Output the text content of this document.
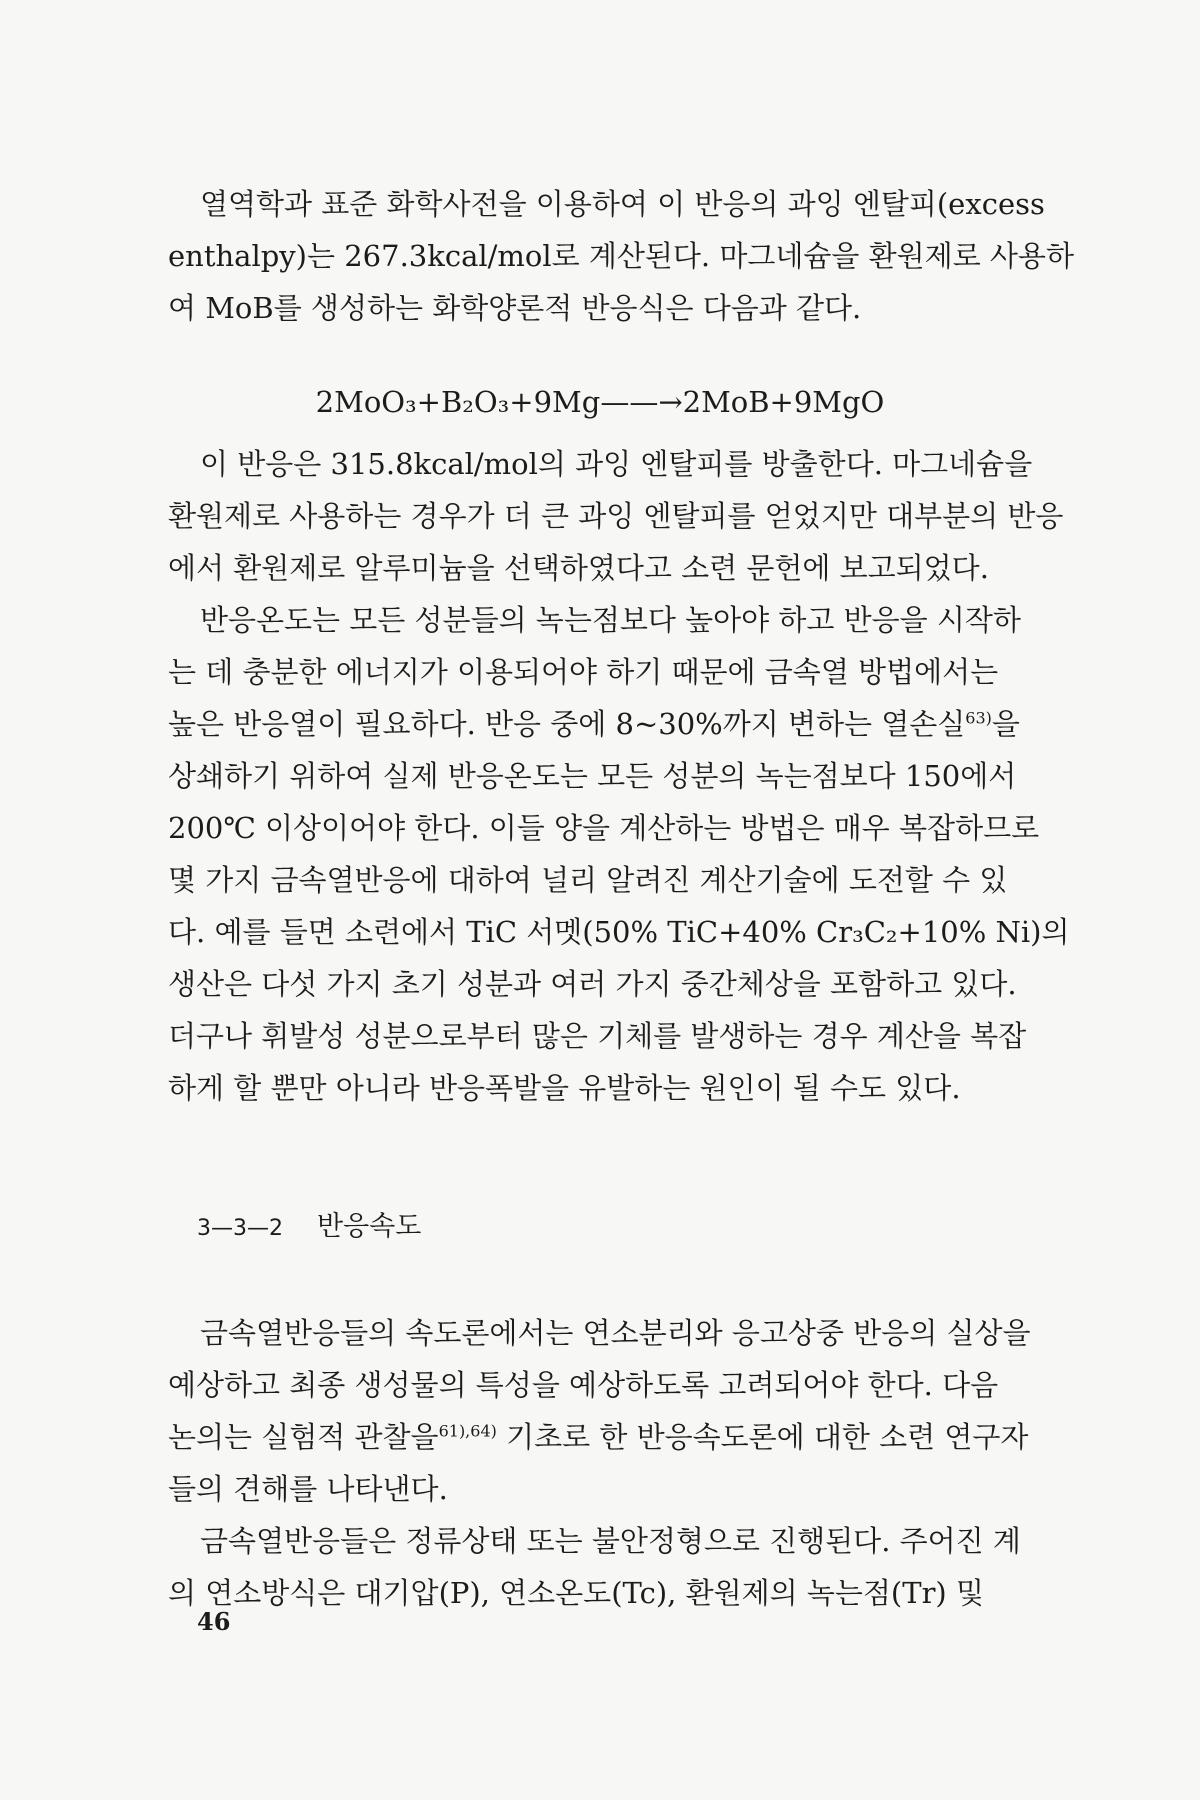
열역학과 표준 화학사전을 이용하여 이 반응의 과잉 엔탈피(excess
enthalpy)는 267.3kcal/mol로 계산된다. 마그네슘을 환원제로 사용하
여 MoB를 생성하는 화학양론적 반응식은 다음과 같다.

2MoO₃+B₂O₃+9Mg——→2MoB+9MgO

이 반응은 315.8kcal/mol의 과잉 엔탈피를 방출한다. 마그네슘을
환원제로 사용하는 경우가 더 큰 과잉 엔탈피를 얻었지만 대부분의 반응
에서 환원제로 알루미늄을 선택하였다고 소련 문헌에 보고되었다.

반응온도는 모든 성분들의 녹는점보다 높아야 하고 반응을 시작하
는 데 충분한 에너지가 이용되어야 하기 때문에 금속열 방법에서는
높은 반응열이 필요하다. 반응 중에 8~30%까지 변하는 열손실$^{63)}$을
상쇄하기 위하여 실제 반응온도는 모든 성분의 녹는점보다 150에서
200℃ 이상이어야 한다. 이들 양을 계산하는 방법은 매우 복잡하므로
몇 가지 금속열반응에 대하여 널리 알려진 계산기술에 도전할 수 있
다. 예를 들면 소련에서 TiC 서멧(50% TiC+40% Cr₃C₂+10% Ni)의
생산은 다섯 가지 초기 성분과 여러 가지 중간체상을 포함하고 있다.
더구나 휘발성 성분으로부터 많은 기체를 발생하는 경우 계산을 복잡
하게 할 뿐만 아니라 반응폭발을 유발하는 원인이 될 수도 있다.

3—3—2 반응속도

금속열반응들의 속도론에서는 연소분리와 응고상중 반응의 실상을
예상하고 최종 생성물의 특성을 예상하도록 고려되어야 한다. 다음
논의는 실험적 관찰을$^{61),64)}$ 기초로 한 반응속도론에 대한 소련 연구자
들의 견해를 나타낸다.

금속열반응들은 정류상태 또는 불안정형으로 진행된다. 주어진 계
의 연소방식은 대기압(P), 연소온도(Tc), 환원제의 녹는점(Tr) 및

46
